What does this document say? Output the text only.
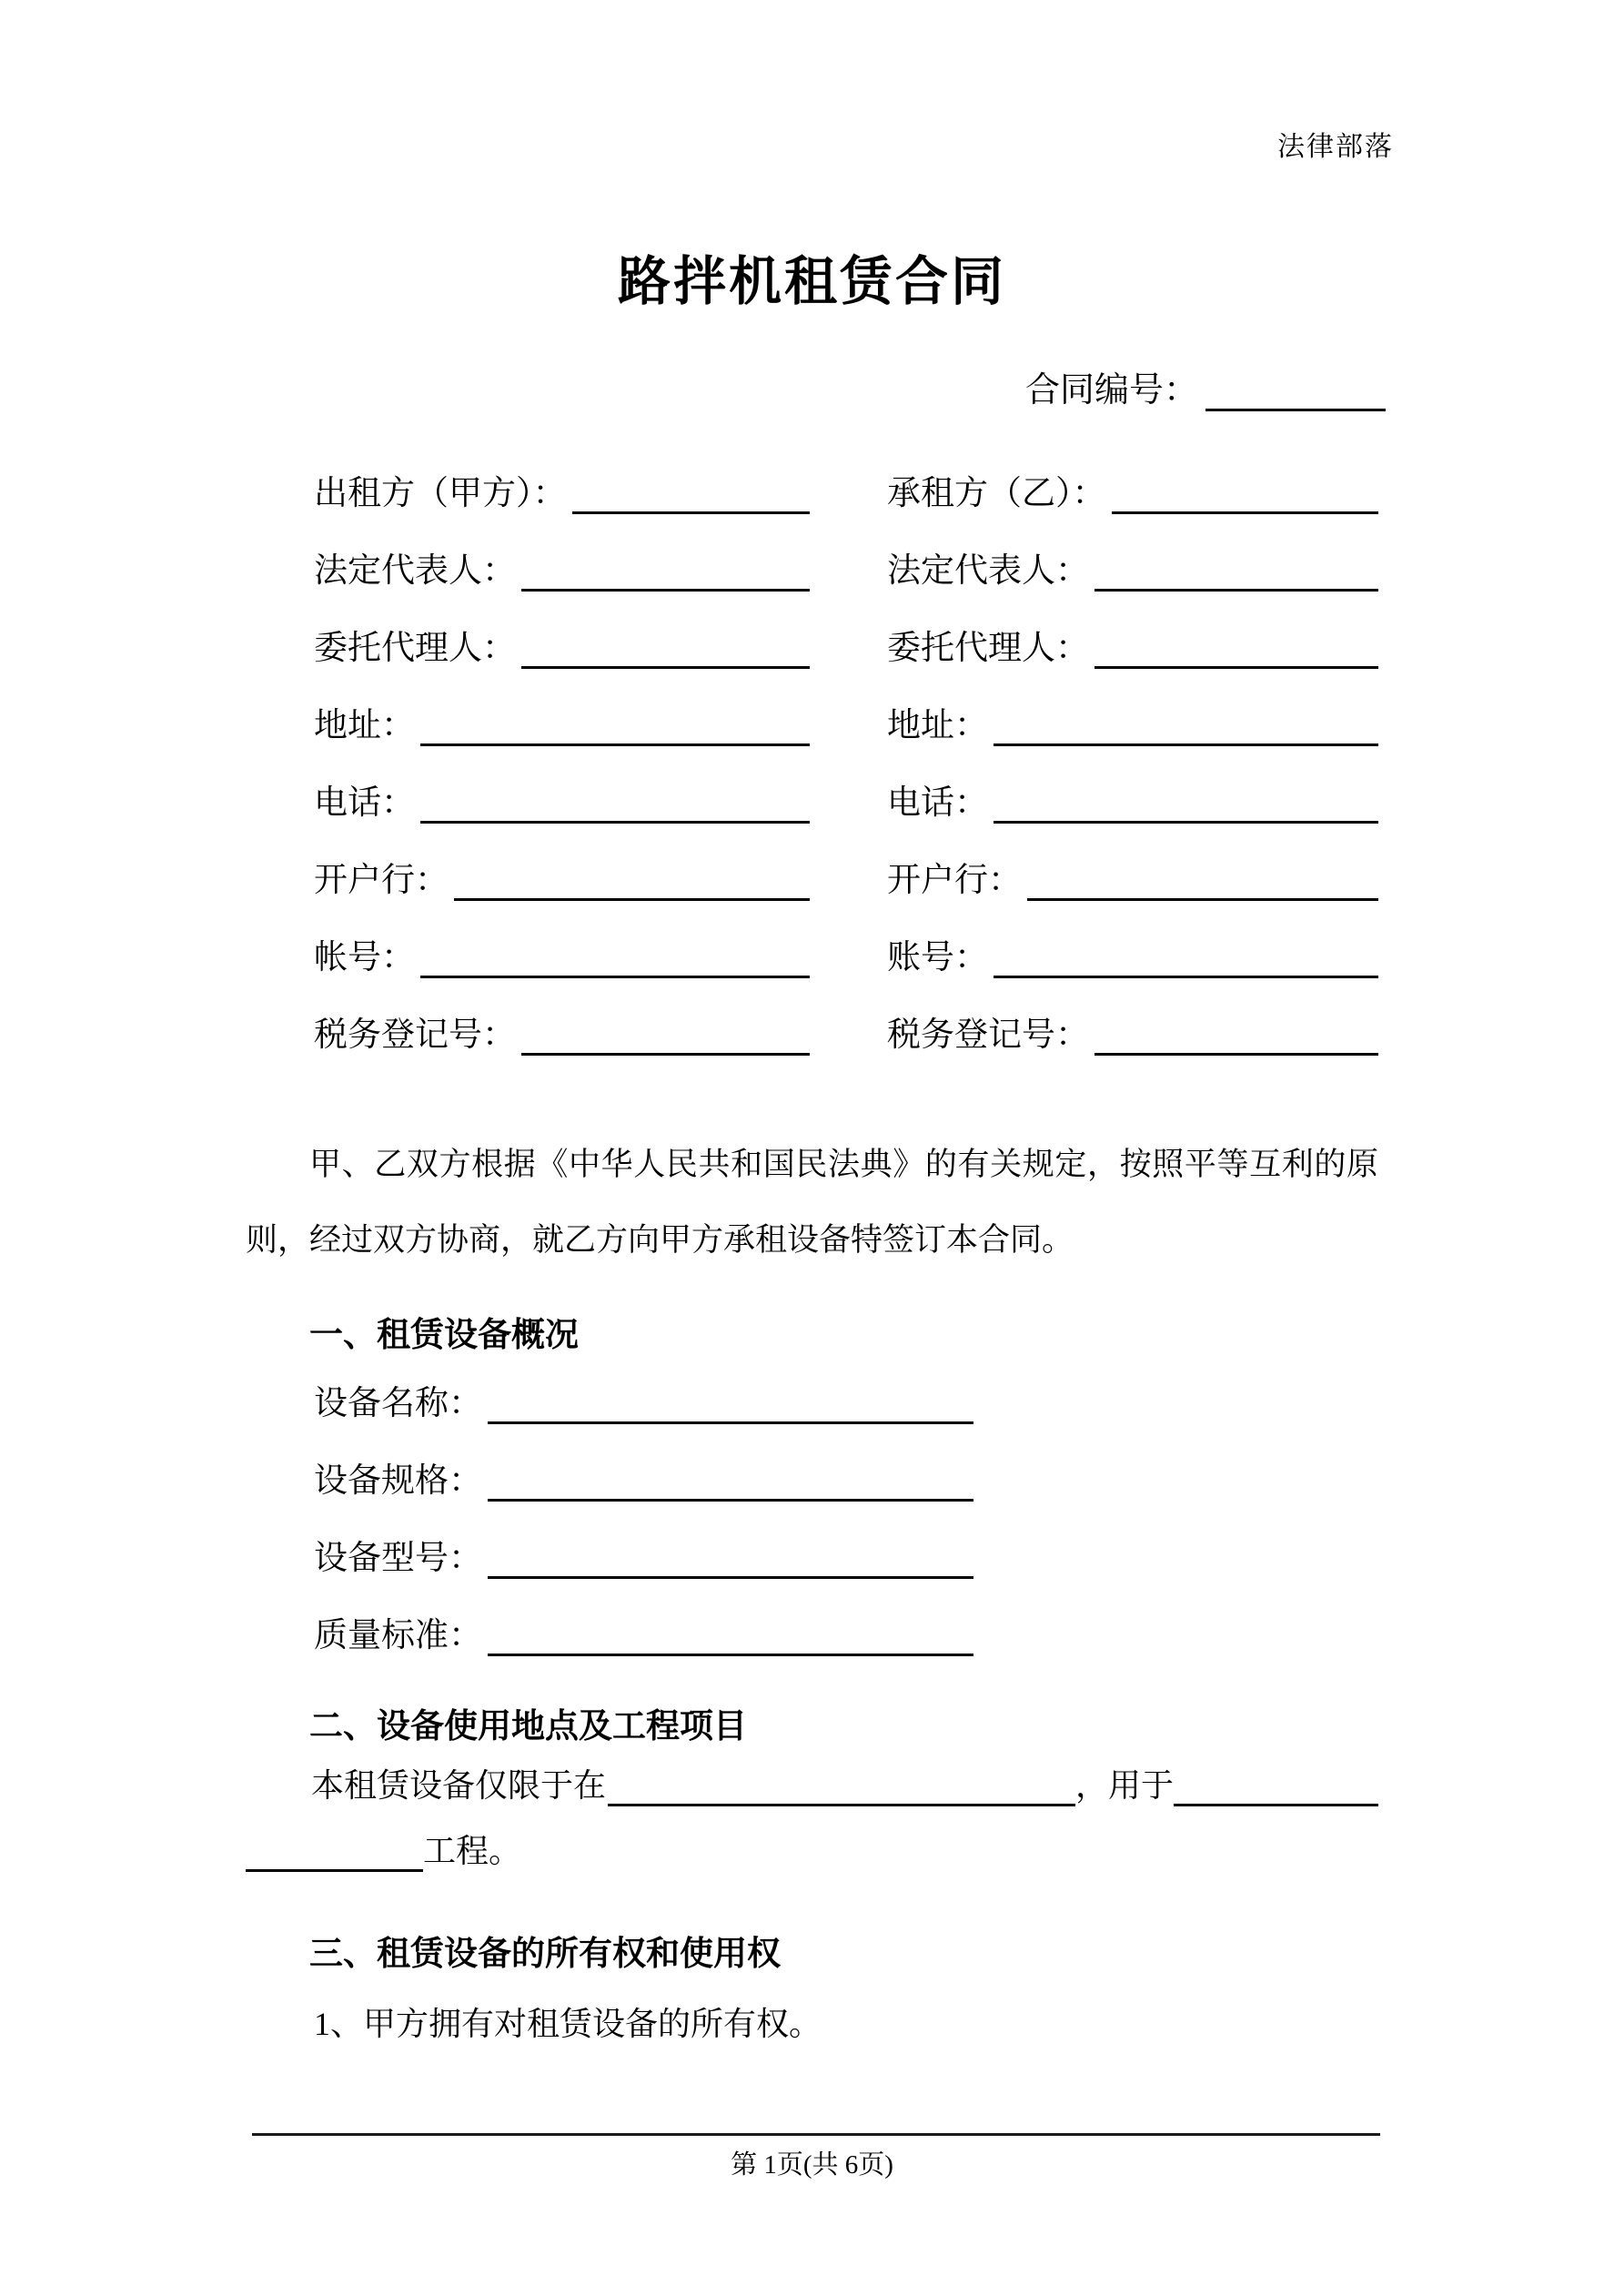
法律部落
路拌机租赁合同
合同编号：
出租方（甲方）：	承租方（乙）：
法定代表人：	法定代表人：
委托代理人：	委托代理人：
地址：	地址：
电话：	电话：
开户行：	开户行：
帐号：	账号：
税务登记号：	税务登记号：
甲、乙双方根据《中华人民共和国民法典》的有关规定，按照平等互利的原则，经过双方协商，就乙方向甲方承租设备特签订本合同。
一、租赁设备概况
设备名称：
设备规格：
设备型号：
质量标准：
二、设备使用地点及工程项目
本租赁设备仅限于在	，用于
工程。
三、租赁设备的所有权和使用权
1、甲方拥有对租赁设备的所有权。
第 1页(共 6页)
